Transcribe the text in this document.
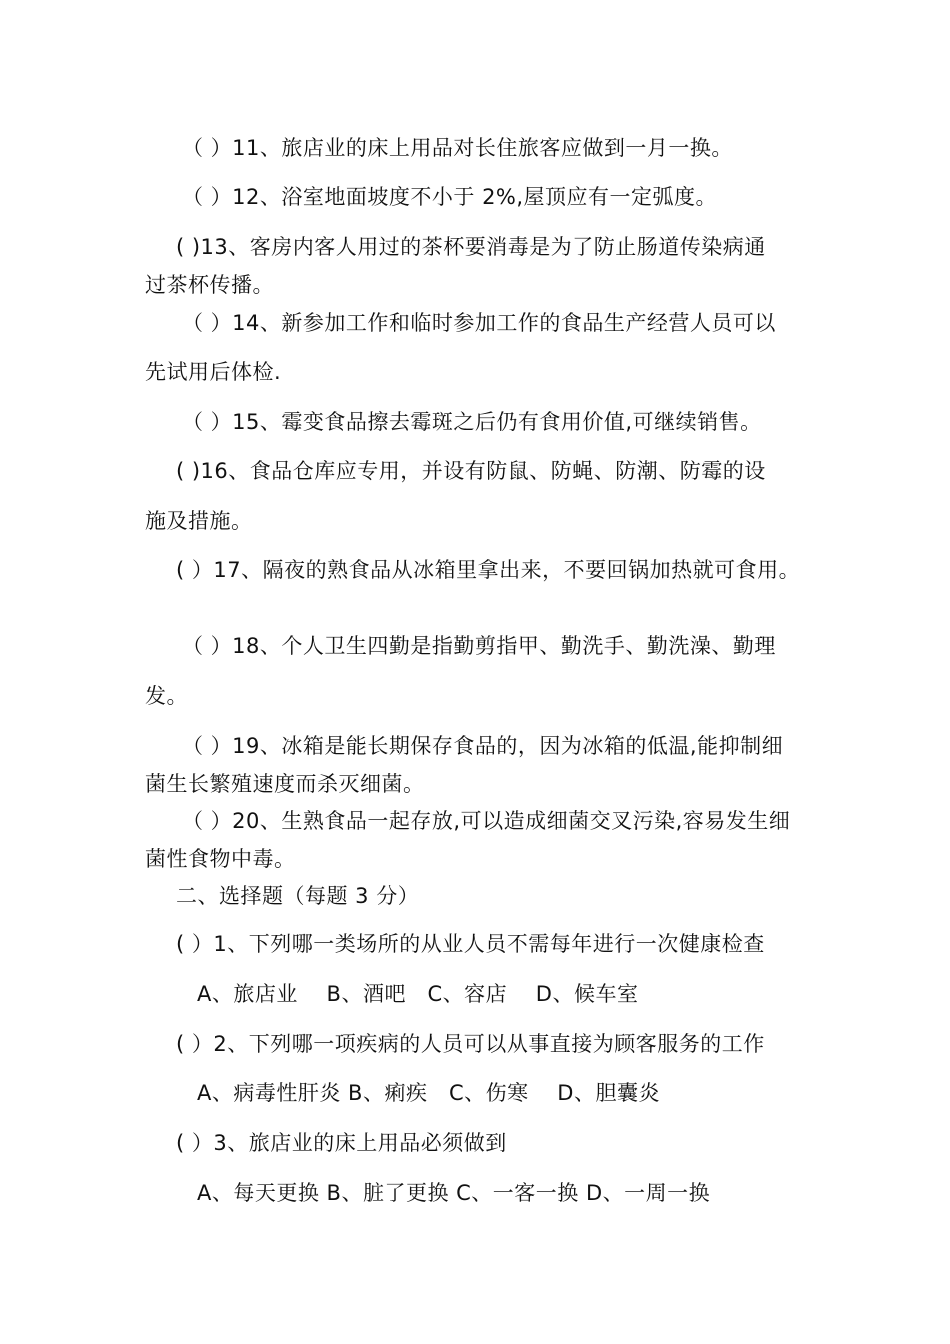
（ ）11、旅店业的床上用品对长住旅客应做到一月一换。
（ ）12、浴室地面坡度不小于 2%,屋顶应有一定弧度。
( )13、客房内客人用过的茶杯要消毒是为了防止肠道传染病通
过茶杯传播。
（ ）14、新参加工作和临时参加工作的食品生产经营人员可以
先试用后体检.
（ ）15、霉变食品擦去霉斑之后仍有食用价值,可继续销售。
( )16、食品仓库应专用，并设有防鼠、防蝇、防潮、防霉的设
施及措施。
( ）17、隔夜的熟食品从冰箱里拿出来，不要回锅加热就可食用。
（ ）18、个人卫生四勤是指勤剪指甲、勤洗手、勤洗澡、勤理
发。
（ ）19、冰箱是能长期保存食品的，因为冰箱的低温,能抑制细
菌生长繁殖速度而杀灭细菌。
（ ）20、生熟食品一起存放,可以造成细菌交叉污染,容易发生细
菌性食物中毒。
二、选择题（每题 3 分）
( ）1、下列哪一类场所的从业人员不需每年进行一次健康检查
A、旅店业　 B、酒吧　C、容店　 D、候车室
( ）2、下列哪一项疾病的人员可以从事直接为顾客服务的工作
A、病毒性肝炎 B、痢疾　C、伤寒　 D、胆囊炎
( ）3、旅店业的床上用品必须做到
A、每天更换 B、脏了更换 C、一客一换 D、一周一换
